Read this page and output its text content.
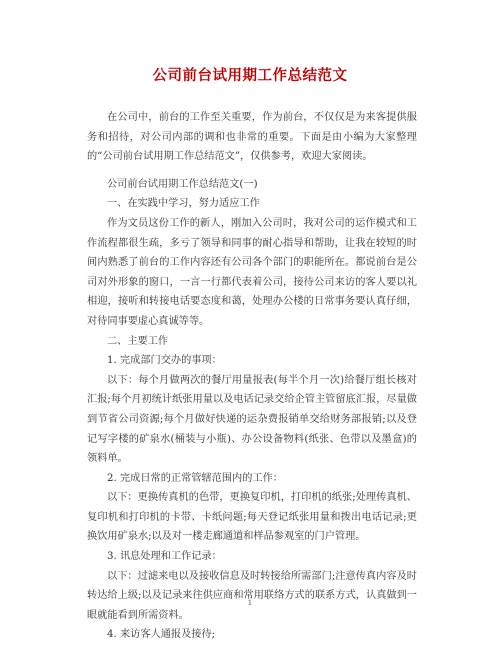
公司前台试用期工作总结范文

在公司中，前台的工作至关重要，作为前台，不仅仅是为来客提供服务和招待，对公司内部的调和也非常的重要。下面是由小编为大家整理的“公司前台试用期工作总结范文”，仅供参考，欢迎大家阅读。

公司前台试用期工作总结范文(一)

一、在实践中学习，努力适应工作

作为文员这份工作的新人，刚加入公司时，我对公司的运作模式和工作流程都很生疏，多亏了领导和同事的耐心指导和帮助，让我在较短的时间内熟悉了前台的工作内容还有公司各个部门的职能所在。都说前台是公司对外形象的窗口，一言一行都代表着公司，接待公司来访的客人要以礼相迎，接听和转接电话要态度和蔼，处理办公楼的日常事务要认真仔细，对待同事要虚心真诚等等。

二、主要工作

1. 完成部门交办的事项：

以下：每个月做两次的餐厅用量报表(每半个月一次)给餐厅组长核对汇报;每个月初统计纸张用量以及电话记录交给企管主管留底汇报，尽量做到节省公司资源;每个月做好快递的运杂费报销单交给财务部报销;以及登记写字楼的矿泉水(桶装与小瓶)、办公设备物料(纸张、色带以及墨盒)的领料单。

2. 完成日常的正常管辖范围内的工作：

以下：更换传真机的色带，更换复印机，打印机的纸张;处理传真机、复印机和打印机的卡带、卡纸问题;每天登记纸张用量和拨出电话记录;更换饮用矿泉水;以及对一楼走廊通道和样品参观室的门户管理。

3. 讯息处理和工作记录：

以下：过滤来电以及接收信息及时转接给所需部门;注意传真内容及时转达给上级;以及记录来往供应商和常用联络方式的联系方式，认真做到一眼就能看到所需资料。

4. 来访客人通报及接待;

1
